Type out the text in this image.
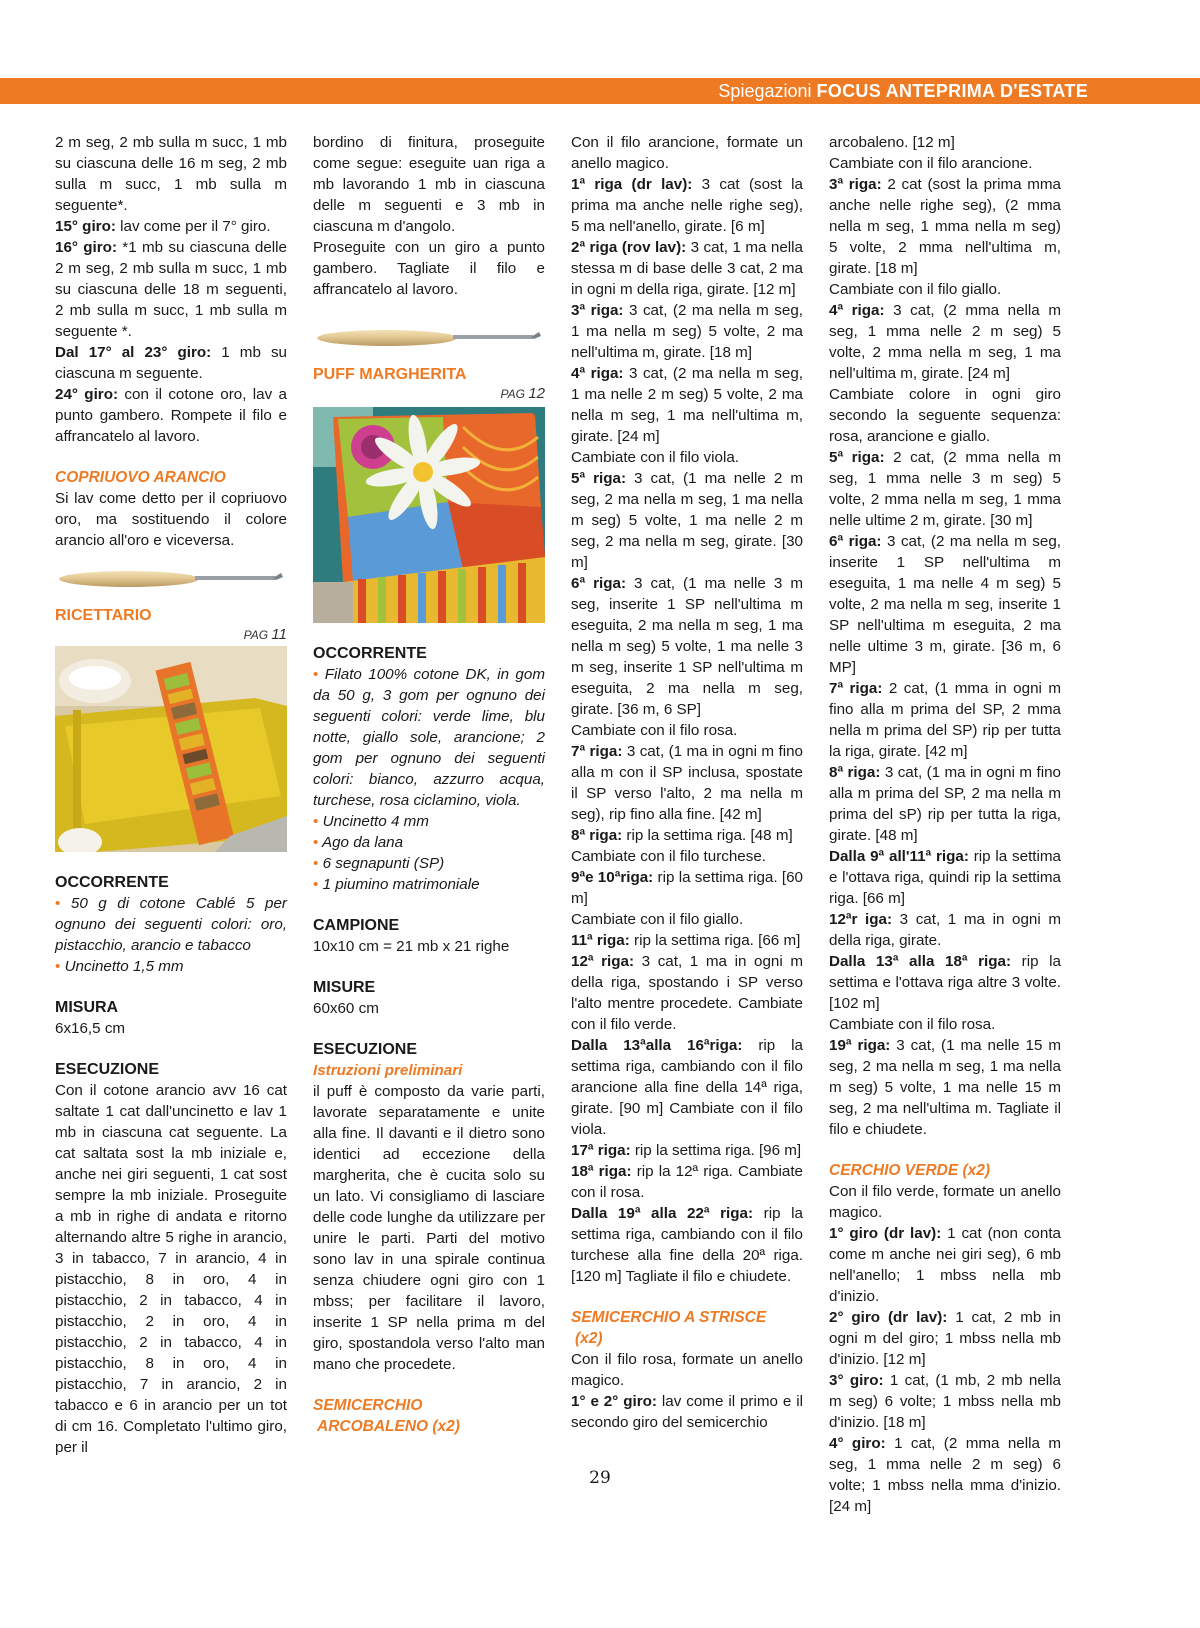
Spiegazioni FOCUS ANTEPRIMA D'ESTATE

2 m seg, 2 mb sulla m succ, 1 mb su ciascuna delle 16 m seg, 2 mb sulla m succ, 1 mb sulla m seguente*.

15° giro: lav come per il 7° giro.

16° giro: *1 mb su ciascuna delle 2 m seg, 2 mb sulla m succ, 1 mb su ciascuna delle 18 m seguenti, 2 mb sulla m succ, 1 mb sulla m seguente *.

Dal 17° al 23° giro: 1 mb su ciascuna m seguente.

24° giro: con il cotone oro, lav a punto gambero. Rompete il filo e affrancatelo al lavoro.

COPRIUOVO ARANCIO

Si lav come detto per il copriuovo oro, ma sostituendo il colore arancio all'oro e viceversa.

RICETTARIO
PAG 11
OCCORRENTE

• 50 g di cotone Cablé 5 per ognuno dei seguenti colori: oro, pistacchio, arancio e tabacco

• Uncinetto 1,5 mm

MISURA

6x16,5 cm

ESECUZIONE

Con il cotone arancio avv 16 cat saltate 1 cat dall'uncinetto e lav 1 mb in ciascuna cat seguente. La cat saltata sost la mb iniziale e, anche nei giri seguenti, 1 cat sost sempre la mb iniziale. Proseguite a mb in righe di andata e ritorno alternando altre 5 righe in arancio, 3 in tabacco, 7 in arancio, 4 in pistacchio, 8 in oro, 4 in pistacchio, 2 in tabacco, 4 in pistacchio, 2 in oro, 4 in pistacchio, 2 in tabacco, 4 in pistacchio, 8 in oro, 4 in pistacchio, 7 in arancio, 2 in tabacco e 6 in arancio per un tot di cm 16. Completato l'ultimo giro, per il

bordino di finitura, proseguite come segue: eseguite uan riga a mb lavorando 1 mb in ciascuna delle m seguenti e 3 mb in ciascuna m d'angolo.

Proseguite con un giro a punto gambero. Tagliate il filo e affrancatelo al lavoro.

PUFF MARGHERITA
PAG 12
OCCORRENTE

• Filato 100% cotone DK, in gom da 50 g, 3 gom per ognuno dei seguenti colori: verde lime, blu notte, giallo sole, arancione; 2 gom per ognuno dei seguenti colori: bianco, azzurro acqua, turchese, rosa ciclamino, viola.

• Uncinetto 4 mm

• Ago da lana

• 6 segnapunti (SP)

• 1 piumino matrimoniale

CAMPIONE

10x10 cm = 21 mb x 21 righe

MISURE

60x60 cm

ESECUZIONE
Istruzioni preliminari

il puff è composto da varie parti, lavorate separatamente e unite alla fine. Il davanti e il dietro sono identici ad eccezione della margherita, che è cucita solo su un lato. Vi consigliamo di lasciare delle code lunghe da utilizzare per unire le parti. Parti del motivo sono lav in una spirale continua senza chiudere ogni giro con 1 mbss; per facilitare il lavoro, inserite 1 SP nella prima m del giro, spostandola verso l'alto man mano che procedete.

SEMICERCHIO
ARCOBALENO (x2)

Con il filo arancione, formate un anello magico.

1ª riga (dr lav): 3 cat (sost la prima ma anche nelle righe seg), 5 ma nell'anello, girate. [6 m]

2ª riga (rov lav): 3 cat, 1 ma nella stessa m di base delle 3 cat, 2 ma in ogni m della riga, girate. [12 m]

3ª riga: 3 cat, (2 ma nella m seg, 1 ma nella m seg) 5 volte, 2 ma nell'ultima m, girate. [18 m]

4ª riga: 3 cat, (2 ma nella m seg, 1 ma nelle 2 m seg) 5 volte, 2 ma nella m seg, 1 ma nell'ultima m, girate. [24 m]

Cambiate con il filo viola.

5ª riga: 3 cat, (1 ma nelle 2 m seg, 2 ma nella m seg, 1 ma nella m seg) 5 volte, 1 ma nelle 2 m seg, 2 ma nella m seg, girate. [30 m]

6ª riga: 3 cat, (1 ma nelle 3 m seg, inserite 1 SP nell'ultima m eseguita, 2 ma nella m seg, 1 ma nella m seg) 5 volte, 1 ma nelle 3 m seg, inserite 1 SP nell'ultima m eseguita, 2 ma nella m seg, girate. [36 m, 6 SP]

Cambiate con il filo rosa.

7ª riga: 3 cat, (1 ma in ogni m fino alla m con il SP inclusa, spostate il SP verso l'alto, 2 ma nella m seg), rip fino alla fine. [42 m]

8ª riga: rip la settima riga. [48 m]

Cambiate con il filo turchese.

9ªe 10ªriga: rip la settima riga. [60 m]

Cambiate con il filo giallo.

11ª riga: rip la settima riga. [66 m]

12ª riga: 3 cat, 1 ma in ogni m della riga, spostando i SP verso l'alto mentre procedete. Cambiate con il filo verde.

Dalla 13ªalla 16ªriga: rip la settima riga, cambiando con il filo arancione alla fine della 14ª riga, girate. [90 m] Cambiate con il filo viola.

17ª riga: rip la settima riga. [96 m]

18ª riga: rip la 12ª riga. Cambiate con il rosa.

Dalla 19ª alla 22ª riga: rip la settima riga, cambiando con il filo turchese alla fine della 20ª riga. [120 m] Tagliate il filo e chiudete.

SEMICERCHIO A STRISCE
(x2)

Con il filo rosa, formate un anello magico.

1° e 2° giro: lav come il primo e il secondo giro del semicerchio

arcobaleno. [12 m]

Cambiate con il filo arancione.

3ª riga: 2 cat (sost la prima mma anche nelle righe seg), (2 mma nella m seg, 1 mma nella m seg) 5 volte, 2 mma nell'ultima m, girate. [18 m]

Cambiate con il filo giallo.

4ª riga: 3 cat, (2 mma nella m seg, 1 mma nelle 2 m seg) 5 volte, 2 mma nella m seg, 1 ma nell'ultima m, girate. [24 m]

Cambiate colore in ogni giro secondo la seguente sequenza: rosa, arancione e giallo.

5ª riga: 2 cat, (2 mma nella m seg, 1 mma nelle 3 m seg) 5 volte, 2 mma nella m seg, 1 mma nelle ultime 2 m, girate. [30 m]

6ª riga: 3 cat, (2 ma nella m seg, inserite 1 SP nell'ultima m eseguita, 1 ma nelle 4 m seg) 5 volte, 2 ma nella m seg, inserite 1 SP nell'ultima m eseguita, 2 ma nelle ultime 3 m, girate. [36 m, 6 MP]

7ª riga: 2 cat, (1 mma in ogni m fino alla m prima del SP, 2 mma nella m prima del SP) rip per tutta la riga, girate. [42 m]

8ª riga: 3 cat, (1 ma in ogni m fino alla m prima del SP, 2 ma nella m prima del sP) rip per tutta la riga, girate. [48 m]

Dalla 9ª all'11ª riga: rip la settima e l'ottava riga, quindi rip la settima riga. [66 m]

12ªr iga: 3 cat, 1 ma in ogni m della riga, girate.

Dalla 13ª alla 18ª riga: rip la settima e l'ottava riga altre 3 volte. [102 m]

Cambiate con il filo rosa.

19ª riga: 3 cat, (1 ma nelle 15 m seg, 2 ma nella m seg, 1 ma nella m seg) 5 volte, 1 ma nelle 15 m seg, 2 ma nell'ultima m. Tagliate il filo e chiudete.

CERCHIO VERDE (x2)

Con il filo verde, formate un anello magico.

1° giro (dr lav): 1 cat (non conta come m anche nei giri seg), 6 mb nell'anello; 1 mbss nella mb d'inizio.

2° giro (dr lav): 1 cat, 2 mb in ogni m del giro; 1 mbss nella mb d'inizio. [12 m]

3° giro: 1 cat, (1 mb, 2 mb nella m seg) 6 volte; 1 mbss nella mb d'inizio. [18 m]

4° giro: 1 cat, (2 mma nella m seg, 1 mma nelle 2 m seg) 6 volte; 1 mbss nella mma d'inizio. [24 m]

29
